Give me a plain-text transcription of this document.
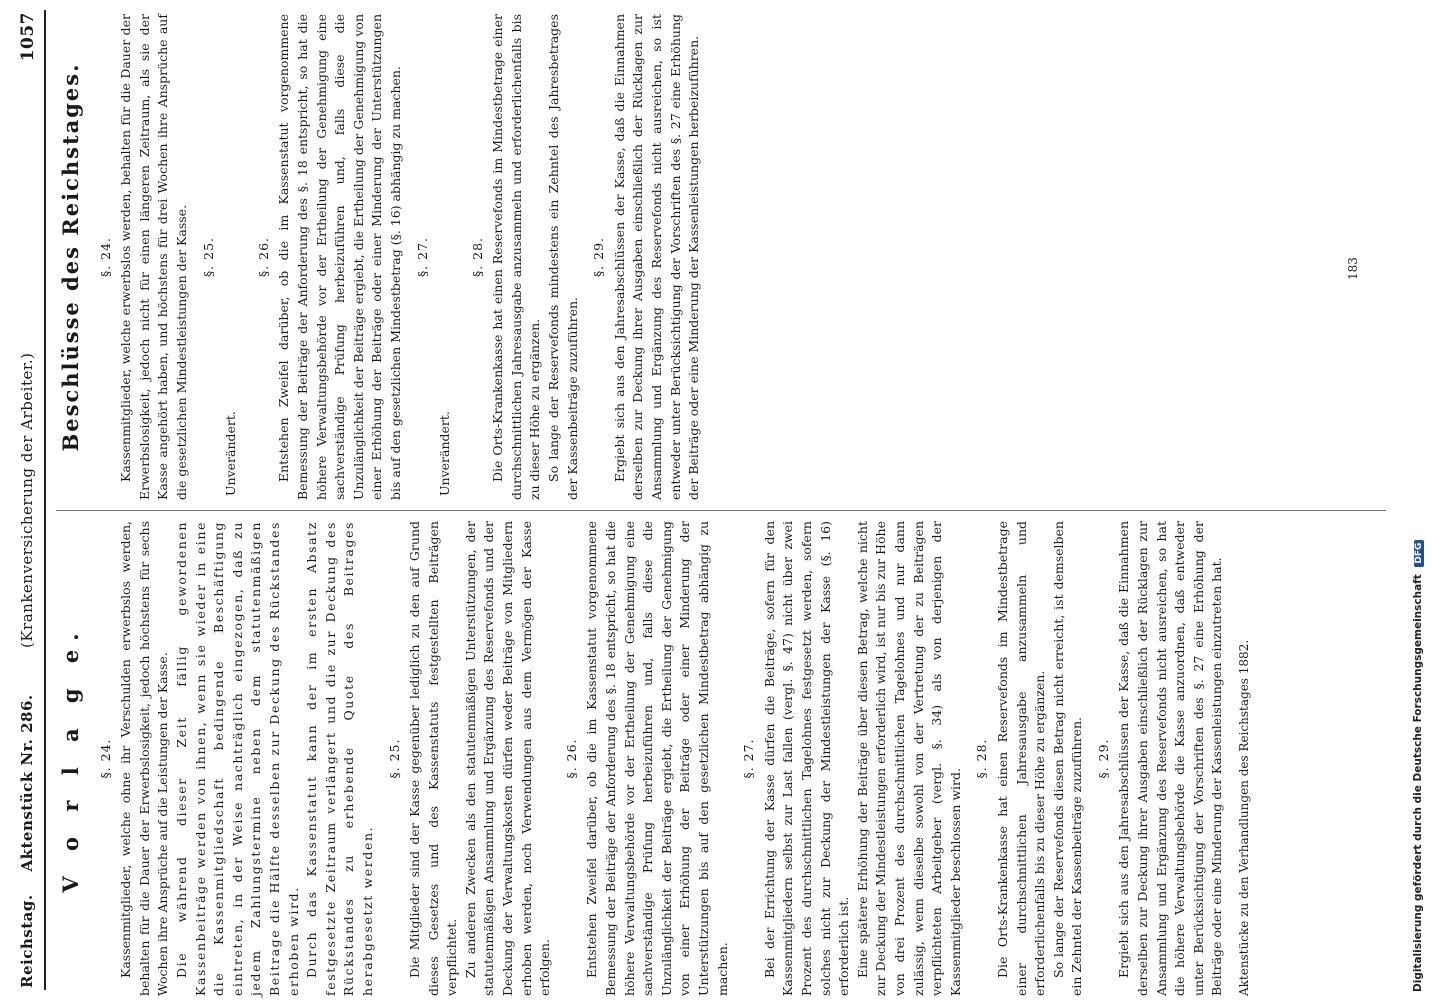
Reichstag.    Aktenstück Nr. 286.
(Krankenversicherung der Arbeiter.)
1057
V o r l a g e. §. 24. Kassenmitglieder, welche ohne ihr Verschulden erwerbslos werden, behalten für die Dauer der Erwerbslosigkeit, jedoch höchstens für sechs Wochen ihre Ansprüche auf die Leistungen der Kasse. Die während dieser Zeit fällig gewordenen Kassenbeiträge werden von ihnen, wenn sie wieder in eine die Kassenmitgliedschaft bedingende Beschäftigung eintreten, in der Weise nachträglich eingezogen, daß zu jedem Zahlungstermine neben dem statutenmäßigen Beitrage die Hälfte desselben zur Deckung des Rückstandes erhoben wird. Durch das Kassenstatut kann der im ersten Absatz festgesetzte Zeitraum verlängert und die zur Deckung des Rückstandes zu erhebende Quote des Beitrages herabgesetzt werden.

§. 25. Die Mitglieder sind der Kasse gegenüber lediglich zu den auf Grund dieses Gesetzes und des Kassenstatuts festgestellten Beiträgen verpflichtet. Zu anderen Zwecken als den statutenmäßigen Unterstützungen, der statutenmäßigen Ansammlung und Ergänzung des Reservefonds und der Deckung der Verwaltungskosten dürfen weder Beiträge von Mitgliedern erhoben werden, noch Verwendungen aus dem Vermögen der Kasse erfolgen.

§. 26. Entstehen Zweifel darüber, ob die im Kassenstatut vorgenommene Bemessung der Beiträge der Anforderung des §. 18 entspricht, so hat die höhere Verwaltungsbehörde vor der Ertheilung der Genehmigung eine sachverständige Prüfung herbeizuführen und, falls diese die Unzulänglichkeit der Beiträge ergiebt, die Ertheilung der Genehmigung von einer Erhöhung der Beiträge oder einer Minderung der Unterstützungen bis auf den gesetzlichen Mindestbetrag abhängig zu machen.

§. 27. Bei der Errichtung der Kasse dürfen die Beiträge, sofern für den Kassenmitgliedern selbst zur Last fallen (vergl. §. 47) nicht über zwei Prozent des durchschnittlichen Tagelohnes festgesetzt werden, sofern solches nicht zur Deckung der Mindestleistungen der Kasse (§. 16) erforderlich ist. Eine spätere Erhöhung der Beiträge über diesen Betrag, welche nicht zur Deckung der Mindestleistungen erforderlich wird, ist nur bis zur Höhe von drei Prozent des durchschnittlichen Tagelohnes und nur dann zulässig, wenn dieselbe sowohl von der Vertretung der zu Beiträgen verpflichteten Arbeitgeber (vergl. §. 34) als von derjenigen der Kassenmitglieder beschlossen wird.

§. 28. Die Orts-Krankenkasse hat einen Reservefonds im Mindestbetrage einer durchschnittlichen Jahresausgabe anzusammeln und erforderlichenfalls bis zu dieser Höhe zu ergänzen. So lange der Reservefonds diesen Betrag nicht erreicht, ist demselben ein Zehntel der Kassenbeiträge zuzuführen. §. 29. Ergiebt sich aus den Jahresabschlüssen der Kasse, daß die Einnahmen derselben zur Deckung ihrer Ausgaben einschließlich der Rücklagen zur Ansammlung und Ergänzung des Reservefonds nicht ausreichen, so hat die höhere Verwaltungsbehörde die Kasse anzuordnen, daß entweder unter Berücksichtigung der Vorschriften des §. 27 eine Erhöhung der Beiträge oder eine Minderung der Kassenleistungen einzutreten hat. Aktenstücke zu den Verhandlungen des Reichstages 1882.
Beschlüsse des Reichstages. §. 24. Kassenmitglieder, welche erwerbslos werden, behalten für die Dauer der Erwerbslosigkeit, jedoch nicht für einen längeren Zeitraum, als sie der Kasse angehört haben, und höchstens für drei Wochen ihre Ansprüche auf die gesetzlichen Mindestleistungen der Kasse. §. 25.
Unverändert.
§. 26. Entstehen Zweifel darüber, ob die im Kassenstatut vorgenommene Bemessung der Beiträge der Anforderung des §. 18 entspricht, so hat die höhere Verwaltungsbehörde vor der Ertheilung der Genehmigung eine sachverständige Prüfung herbeizuführen und, falls diese die Unzulänglichkeit der Beiträge ergiebt, die Ertheilung der Genehmigung von einer Erhöhung der Beiträge oder einer Minderung der Unterstützungen bis auf den gesetzlichen Mindestbetrag (§. 16) abhängig zu machen. §. 27.
Unverändert.
§. 28. Die Orts-Krankenkasse hat einen Reservefonds im Mindestbetrage einer durchschnittlichen Jahresausgabe anzusammeln und erforderlichenfalls bis zu dieser Höhe zu ergänzen. So lange der Reservefonds mindestens ein Zehntel des Jahresbetrages der Kassenbeiträge zuzuführen.

§. 29. Ergiebt sich aus den Jahresabschlüssen der Kasse, daß die Einnahmen derselben zur Deckung ihrer Ausgaben einschließlich der Rücklagen zur Ansammlung und Ergänzung des Reservefonds nicht ausreichen, so ist entweder unter Berücksichtigung der Vorschriften des §. 27 eine Erhöhung der Beiträge oder eine Minderung der Kassenleistungen herbeizuführen.	183
Digitalisierung gefördert durch die Deutsche Forschungsgemeinschaft DFG
